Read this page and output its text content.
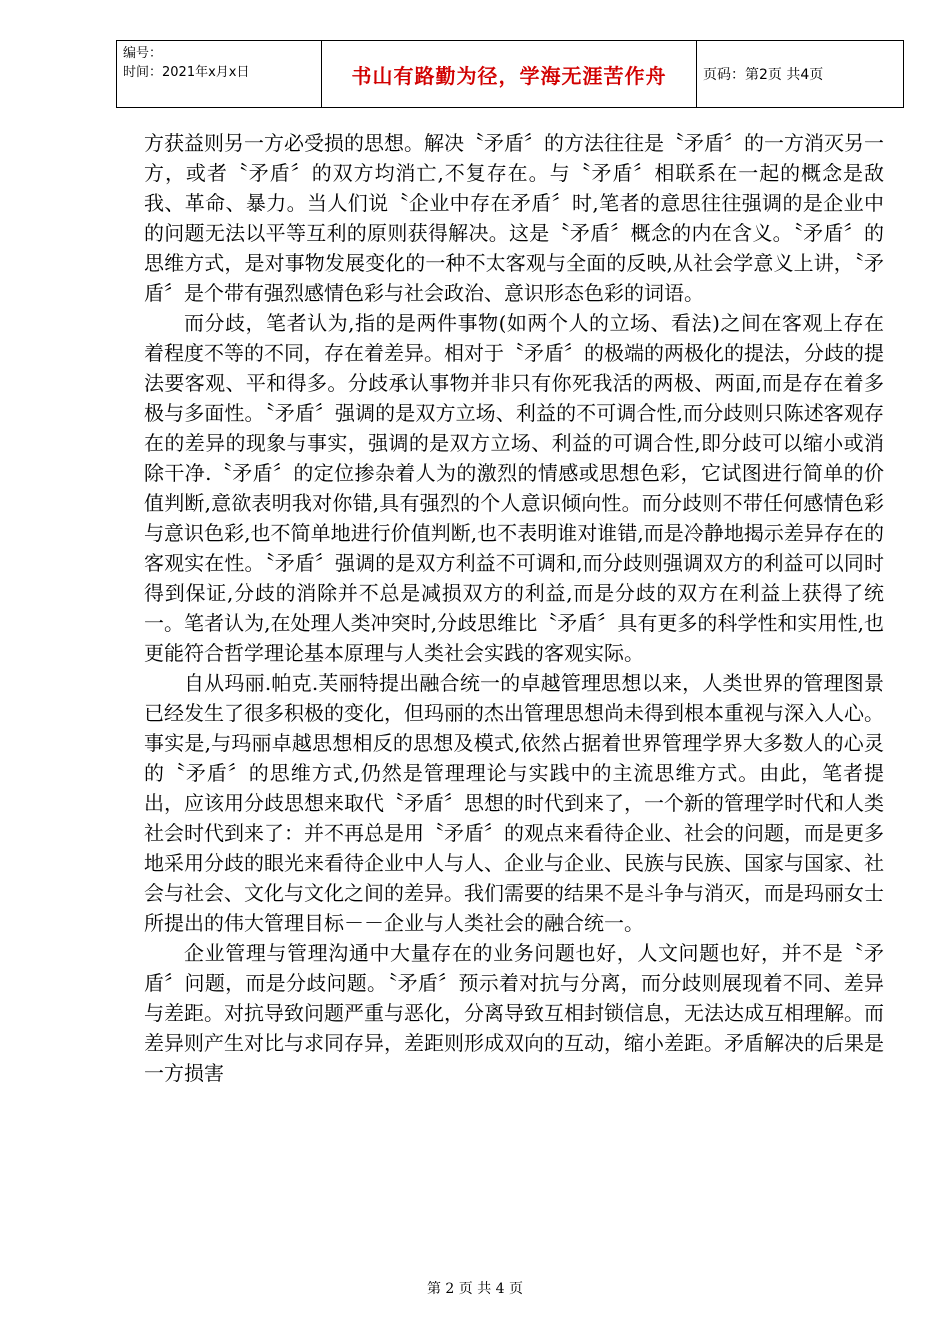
编号：
时间：2021年x月x日	书山有路勤为径，学海无涯苦作舟	页码：第2页 共4页

方获益则另一方必受损的思想。解决〝矛盾〞的方法往往是〝矛盾〞的一方消灭另一方，或者〝矛盾〞的双方均消亡,不复存在。与〝矛盾〞相联系在一起的概念是敌我、革命、暴力。当人们说〝企业中存在矛盾〞时,笔者的意思往往强调的是企业中的问题无法以平等互利的原则获得解决。这是〝矛盾〞概念的内在含义。〝矛盾〞的思维方式，是对事物发展变化的一种不太客观与全面的反映,从社会学意义上讲，〝矛盾〞是个带有强烈感情色彩与社会政治、意识形态色彩的词语。

而分歧，笔者认为,指的是两件事物(如两个人的立场、看法)之间在客观上存在着程度不等的不同，存在着差异。相对于〝矛盾〞的极端的两极化的提法，分歧的提法要客观、平和得多。分歧承认事物并非只有你死我活的两极、两面,而是存在着多极与多面性。〝矛盾〞强调的是双方立场、利益的不可调合性,而分歧则只陈述客观存在的差异的现象与事实，强调的是双方立场、利益的可调合性,即分歧可以缩小或消除干净.〝矛盾〞的定位掺杂着人为的激烈的情感或思想色彩，它试图进行简单的价值判断,意欲表明我对你错,具有强烈的个人意识倾向性。而分歧则不带任何感情色彩与意识色彩,也不简单地进行价值判断,也不表明谁对谁错,而是冷静地揭示差异存在的客观实在性。〝矛盾〞强调的是双方利益不可调和,而分歧则强调双方的利益可以同时得到保证,分歧的消除并不总是减损双方的利益,而是分歧的双方在利益上获得了统一。笔者认为,在处理人类冲突时,分歧思维比〝矛盾〞具有更多的科学性和实用性,也更能符合哲学理论基本原理与人类社会实践的客观实际。

自从玛丽.帕克.芙丽特提出融合统一的卓越管理思想以来，人类世界的管理图景已经发生了很多积极的变化，但玛丽的杰出管理思想尚未得到根本重视与深入人心。事实是,与玛丽卓越思想相反的思想及模式,依然占据着世界管理学界大多数人的心灵的〝矛盾〞的思维方式,仍然是管理理论与实践中的主流思维方式。由此，笔者提出，应该用分歧思想来取代〝矛盾〞思想的时代到来了，一个新的管理学时代和人类社会时代到来了：并不再总是用〝矛盾〞的观点来看待企业、社会的问题，而是更多地采用分歧的眼光来看待企业中人与人、企业与企业、民族与民族、国家与国家、社会与社会、文化与文化之间的差异。我们需要的结果不是斗争与消灭，而是玛丽女士所提出的伟大管理目标－－企业与人类社会的融合统一。

企业管理与管理沟通中大量存在的业务问题也好，人文问题也好，并不是〝矛盾〞问题，而是分歧问题。〝矛盾〞预示着对抗与分离，而分歧则展现着不同、差异与差距。对抗导致问题严重与恶化，分离导致互相封锁信息，无法达成互相理解。而差异则产生对比与求同存异，差距则形成双向的互动，缩小差距。矛盾解决的后果是一方损害

第 2 页 共 4 页
